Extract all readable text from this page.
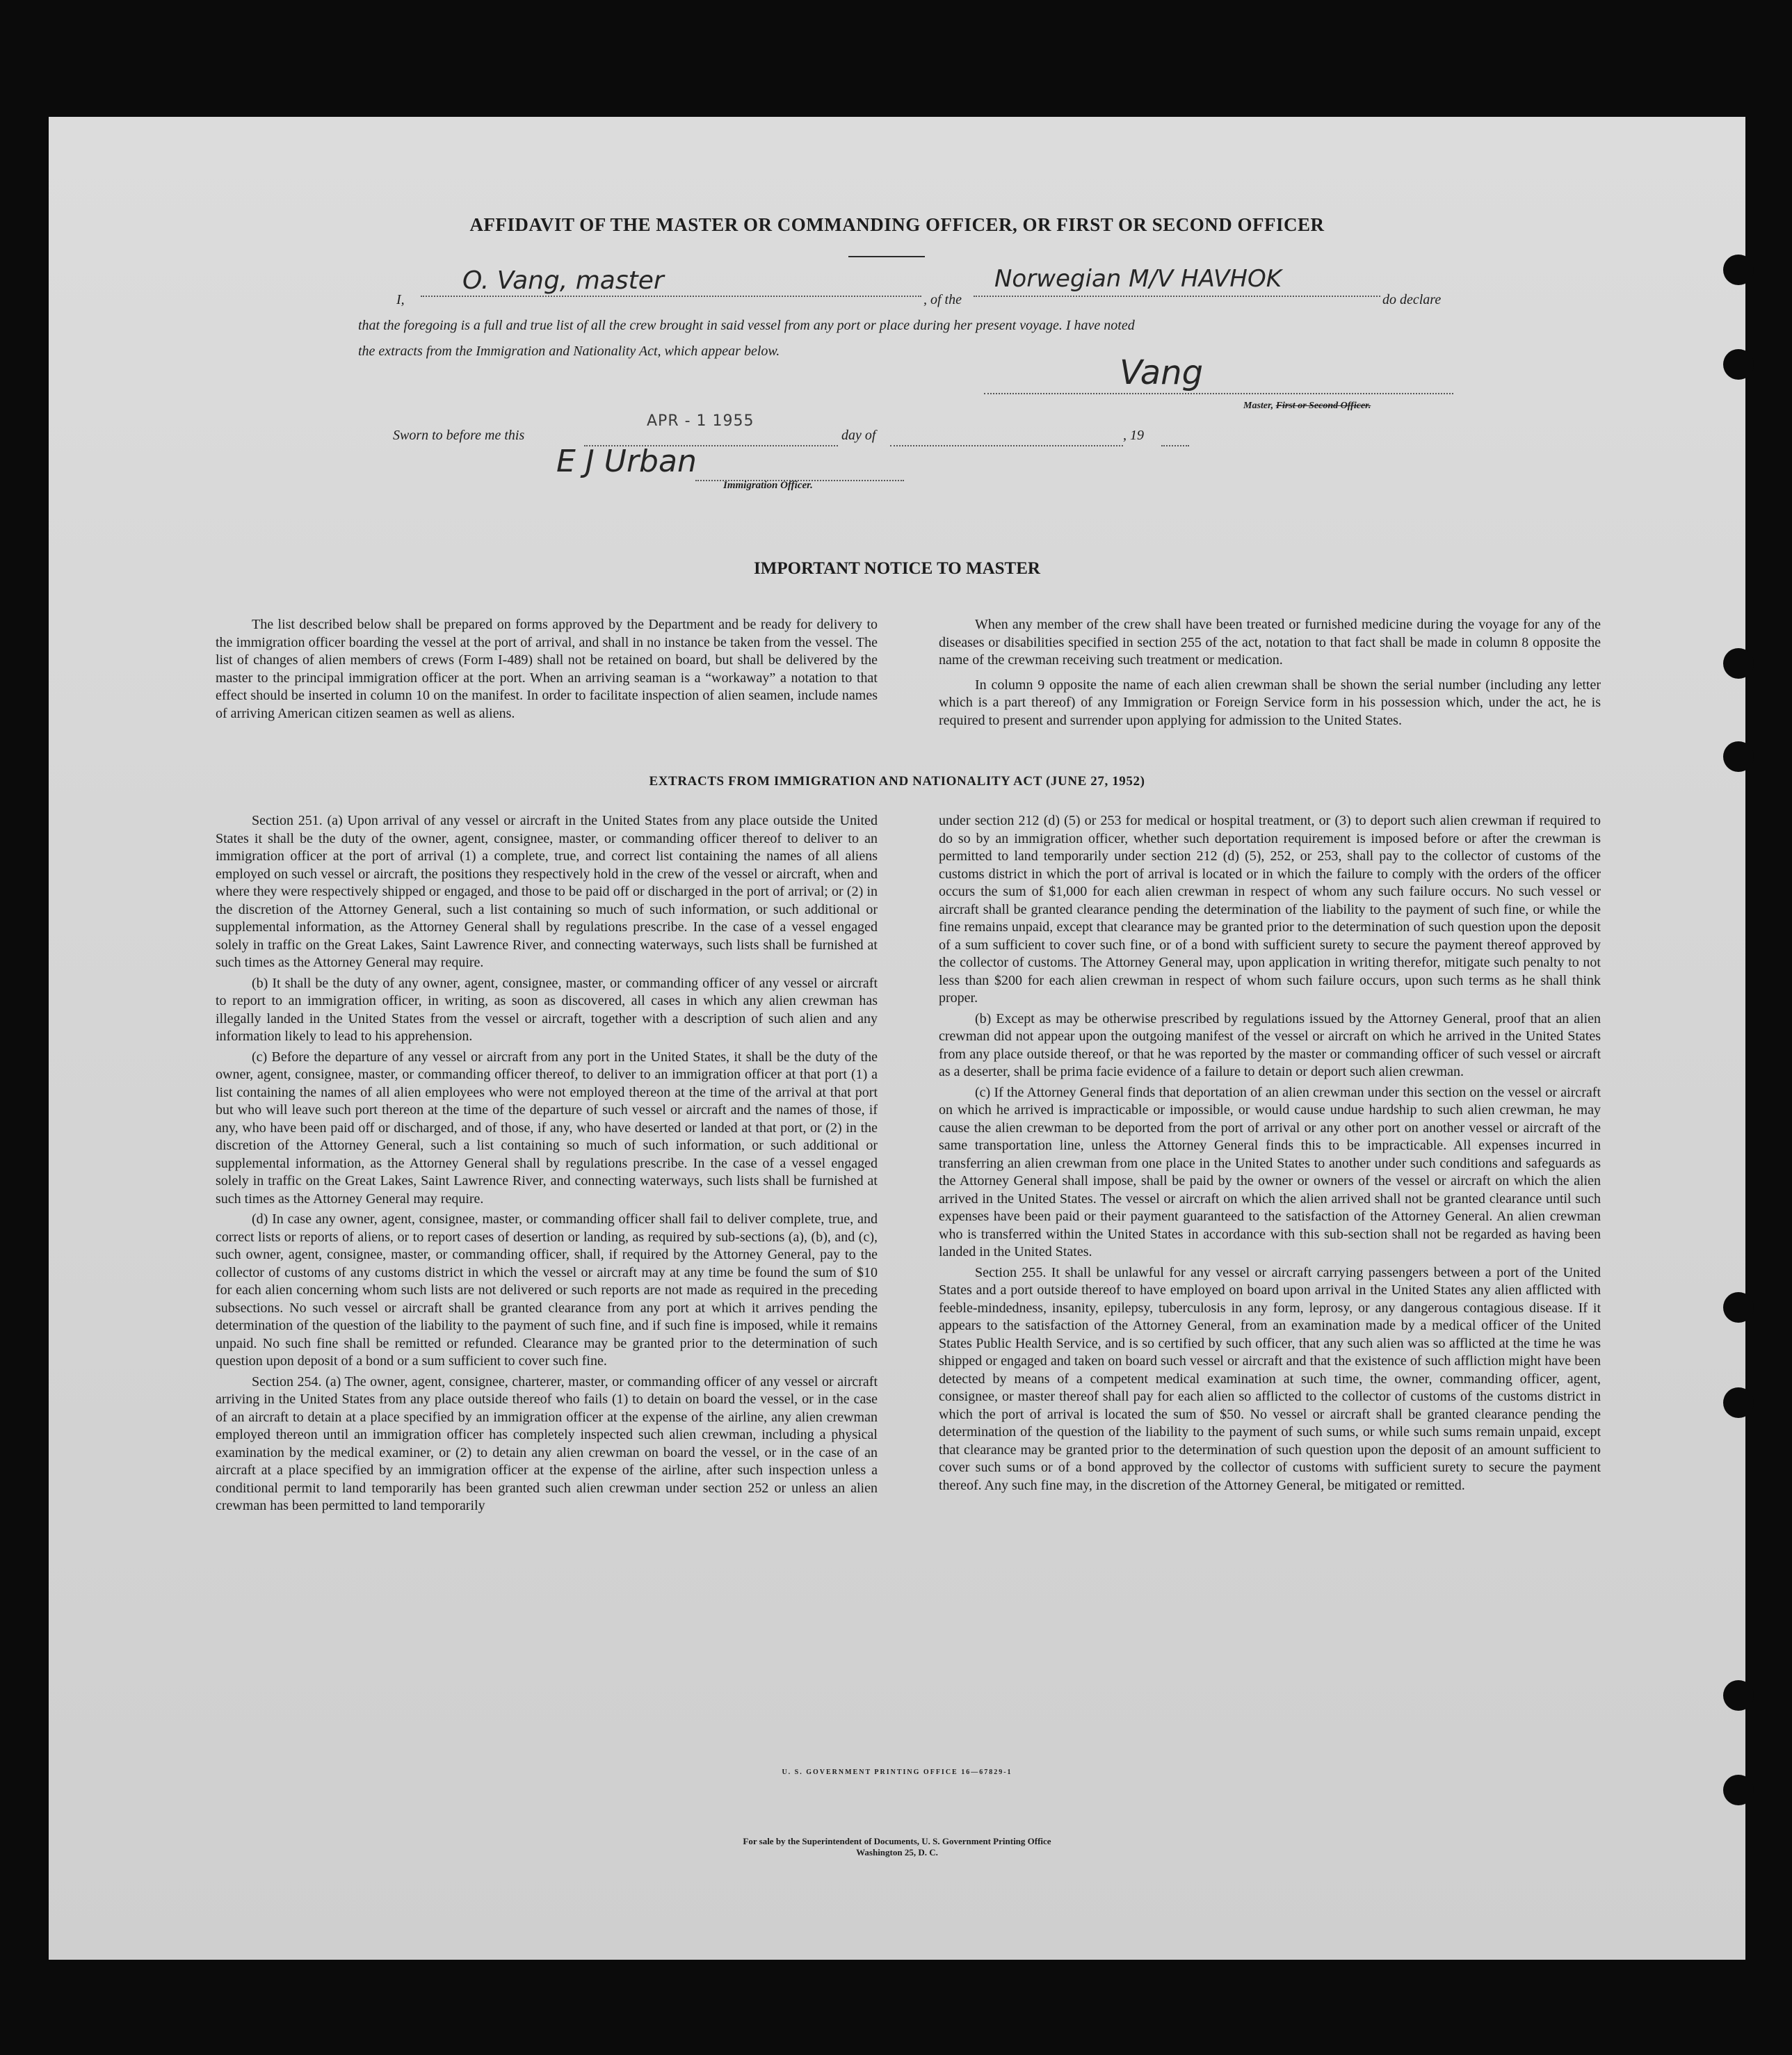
AFFIDAVIT OF THE MASTER OR COMMANDING OFFICER, OR FIRST OR SECOND OFFICER
I,
O. Vang, master
, of the
Norwegian M/V HAVHOK
do declare
that the foregoing is a full and true list of all the crew brought in said vessel from any port or place during her present voyage. I have noted
the extracts from the Immigration and Nationality Act, which appear below.
Vang
Master, First or Second Officer.
Sworn to before me this
APR - 1 1955
day of	, 19
E J Urban
Immigration Officer.
IMPORTANT NOTICE TO MASTER

The list described below shall be prepared on forms approved by the Department and be ready for delivery to the immigration officer boarding the vessel at the port of arrival, and shall in no instance be taken from the vessel. The list of changes of alien members of crews (Form I-489) shall not be retained on board, but shall be delivered by the master to the principal immigration officer at the port. When an arriving seaman is a “workaway” a notation to that effect should be inserted in column 10 on the manifest. In order to facilitate inspection of alien seamen, include names of arriving American citizen seamen as well as aliens.

When any member of the crew shall have been treated or furnished medicine during the voyage for any of the diseases or disabilities specified in section 255 of the act, notation to that fact shall be made in column 8 opposite the name of the crewman receiving such treatment or medication.

In column 9 opposite the name of each alien crewman shall be shown the serial number (including any letter which is a part thereof) of any Immigration or Foreign Service form in his possession which, under the act, he is required to present and surrender upon applying for admission to the United States.

EXTRACTS FROM IMMIGRATION AND NATIONALITY ACT (JUNE 27, 1952)

Section 251. (a) Upon arrival of any vessel or aircraft in the United States from any place outside the United States it shall be the duty of the owner, agent, consignee, master, or commanding officer thereof to deliver to an immigration officer at the port of arrival (1) a complete, true, and correct list containing the names of all aliens employed on such vessel or aircraft, the positions they respectively hold in the crew of the vessel or aircraft, when and where they were respectively shipped or engaged, and those to be paid off or discharged in the port of arrival; or (2) in the discretion of the Attorney General, such a list containing so much of such information, or such additional or supplemental information, as the Attorney General shall by regulations prescribe. In the case of a vessel engaged solely in traffic on the Great Lakes, Saint Lawrence River, and connecting waterways, such lists shall be furnished at such times as the Attorney General may require.

(b) It shall be the duty of any owner, agent, consignee, master, or commanding officer of any vessel or aircraft to report to an immigration officer, in writing, as soon as discovered, all cases in which any alien crewman has illegally landed in the United States from the vessel or aircraft, together with a description of such alien and any information likely to lead to his apprehension.

(c) Before the departure of any vessel or aircraft from any port in the United States, it shall be the duty of the owner, agent, consignee, master, or commanding officer thereof, to deliver to an immigration officer at that port (1) a list containing the names of all alien employees who were not employed thereon at the time of the arrival at that port but who will leave such port thereon at the time of the departure of such vessel or aircraft and the names of those, if any, who have been paid off or discharged, and of those, if any, who have deserted or landed at that port, or (2) in the discretion of the Attorney General, such a list containing so much of such information, or such additional or supplemental information, as the Attorney General shall by regulations prescribe. In the case of a vessel engaged solely in traffic on the Great Lakes, Saint Lawrence River, and connecting waterways, such lists shall be furnished at such times as the Attorney General may require.

(d) In case any owner, agent, consignee, master, or commanding officer shall fail to deliver complete, true, and correct lists or reports of aliens, or to report cases of desertion or landing, as required by sub-sections (a), (b), and (c), such owner, agent, consignee, master, or commanding officer, shall, if required by the Attorney General, pay to the collector of customs of any customs district in which the vessel or aircraft may at any time be found the sum of $10 for each alien concerning whom such lists are not delivered or such reports are not made as required in the preceding subsections. No such vessel or aircraft shall be granted clearance from any port at which it arrives pending the determination of the question of the liability to the payment of such fine, and if such fine is imposed, while it remains unpaid. No such fine shall be remitted or refunded. Clearance may be granted prior to the determination of such question upon deposit of a bond or a sum sufficient to cover such fine.

Section 254. (a) The owner, agent, consignee, charterer, master, or commanding officer of any vessel or aircraft arriving in the United States from any place outside thereof who fails (1) to detain on board the vessel, or in the case of an aircraft to detain at a place specified by an immigration officer at the expense of the airline, any alien crewman employed thereon until an immigration officer has completely inspected such alien crewman, including a physical examination by the medical examiner, or (2) to detain any alien crewman on board the vessel, or in the case of an aircraft at a place specified by an immigration officer at the expense of the airline, after such inspection unless a conditional permit to land temporarily has been granted such alien crewman under section 252 or unless an alien crewman has been permitted to land temporarily

under section 212 (d) (5) or 253 for medical or hospital treatment, or (3) to deport such alien crewman if required to do so by an immigration officer, whether such deportation requirement is imposed before or after the crewman is permitted to land temporarily under section 212 (d) (5), 252, or 253, shall pay to the collector of customs of the customs district in which the port of arrival is located or in which the failure to comply with the orders of the officer occurs the sum of $1,000 for each alien crewman in respect of whom any such failure occurs. No such vessel or aircraft shall be granted clearance pending the determination of the liability to the payment of such fine, or while the fine remains unpaid, except that clearance may be granted prior to the determination of such question upon the deposit of a sum sufficient to cover such fine, or of a bond with sufficient surety to secure the payment thereof approved by the collector of customs. The Attorney General may, upon application in writing therefor, mitigate such penalty to not less than $200 for each alien crewman in respect of whom such failure occurs, upon such terms as he shall think proper.

(b) Except as may be otherwise prescribed by regulations issued by the Attorney General, proof that an alien crewman did not appear upon the outgoing manifest of the vessel or aircraft on which he arrived in the United States from any place outside thereof, or that he was reported by the master or commanding officer of such vessel or aircraft as a deserter, shall be prima facie evidence of a failure to detain or deport such alien crewman.

(c) If the Attorney General finds that deportation of an alien crewman under this section on the vessel or aircraft on which he arrived is impracticable or impossible, or would cause undue hardship to such alien crewman, he may cause the alien crewman to be deported from the port of arrival or any other port on another vessel or aircraft of the same transportation line, unless the Attorney General finds this to be impracticable. All expenses incurred in transferring an alien crewman from one place in the United States to another under such conditions and safeguards as the Attorney General shall impose, shall be paid by the owner or owners of the vessel or aircraft on which the alien arrived in the United States. The vessel or aircraft on which the alien arrived shall not be granted clearance until such expenses have been paid or their payment guaranteed to the satisfaction of the Attorney General. An alien crewman who is transferred within the United States in accordance with this sub-section shall not be regarded as having been landed in the United States.

Section 255. It shall be unlawful for any vessel or aircraft carrying passengers between a port of the United States and a port outside thereof to have employed on board upon arrival in the United States any alien afflicted with feeble-mindedness, insanity, epilepsy, tuberculosis in any form, leprosy, or any dangerous contagious disease. If it appears to the satisfaction of the Attorney General, from an examination made by a medical officer of the United States Public Health Service, and is so certified by such officer, that any such alien was so afflicted at the time he was shipped or engaged and taken on board such vessel or aircraft and that the existence of such affliction might have been detected by means of a competent medical examination at such time, the owner, commanding officer, agent, consignee, or master thereof shall pay for each alien so afflicted to the collector of customs of the customs district in which the port of arrival is located the sum of $50. No vessel or aircraft shall be granted clearance pending the determination of the question of the liability to the payment of such sums, or while such sums remain unpaid, except that clearance may be granted prior to the determination of such question upon the deposit of an amount sufficient to cover such sums or of a bond approved by the collector of customs with sufficient surety to secure the payment thereof. Any such fine may, in the discretion of the Attorney General, be mitigated or remitted.

U. S. GOVERNMENT PRINTING OFFICE 16—67829-1
For sale by the Superintendent of Documents, U. S. Government Printing Office
Washington 25, D. C.
